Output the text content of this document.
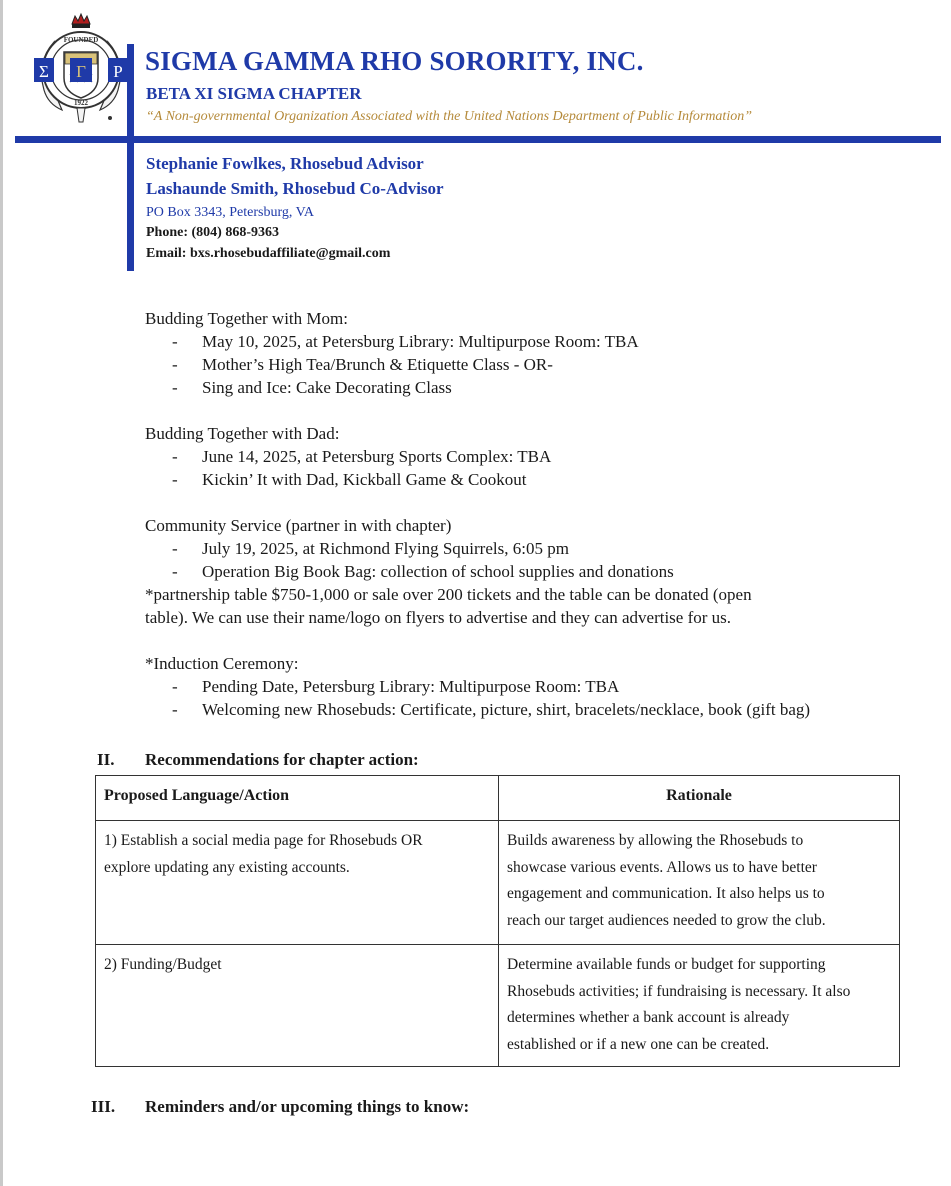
FOUNDED
1922
Σ Γ Ρ SIGMA GAMMA RHO SORORITY, INC.
BETA XI SIGMA CHAPTER
“A Non-governmental Organization Associated with the United Nations Department of Public Information”
Stephanie Fowlkes, Rhosebud Advisor
Lashaunde Smith, Rhosebud Co-Advisor
PO Box 3343, Petersburg, VA
Phone: (804) 868-9363
Email: bxs.rhosebudaffiliate@gmail.com
Budding Together with Mom:
- May 10, 2025, at Petersburg Library: Multipurpose Room: TBA
- Mother’s High Tea/Brunch & Etiquette Class - OR-
- Sing and Ice: Cake Decorating Class
Budding Together with Dad:
- June 14, 2025, at Petersburg Sports Complex: TBA
- Kickin’ It with Dad, Kickball Game & Cookout
Community Service (partner in with chapter)
- July 19, 2025, at Richmond Flying Squirrels, 6:05 pm
- Operation Big Book Bag: collection of school supplies and donations
*partnership table $750-1,000 or sale over 200 tickets and the table can be donated (open
table). We can use their name/logo on flyers to advertise and they can advertise for us.
*Induction Ceremony:
- Pending Date, Petersburg Library: Multipurpose Room: TBA
- Welcoming new Rhosebuds: Certificate, picture, shirt, bracelets/necklace, book (gift bag)
II. Recommendations for chapter action:
Proposed Language/Action	Rationale
1) Establish a social media page for Rhosebuds OR
explore updating any existing accounts.
Builds awareness by allowing the Rhosebuds to
showcase various events. Allows us to have better
engagement and communication. It also helps us to
reach our target audiences needed to grow the club.
2) Funding/Budget	Determine available funds or budget for supporting
Rhosebuds activities; if fundraising is necessary. It also
determines whether a bank account is already
established or if a new one can be created.
III. Reminders and/or upcoming things to know:
